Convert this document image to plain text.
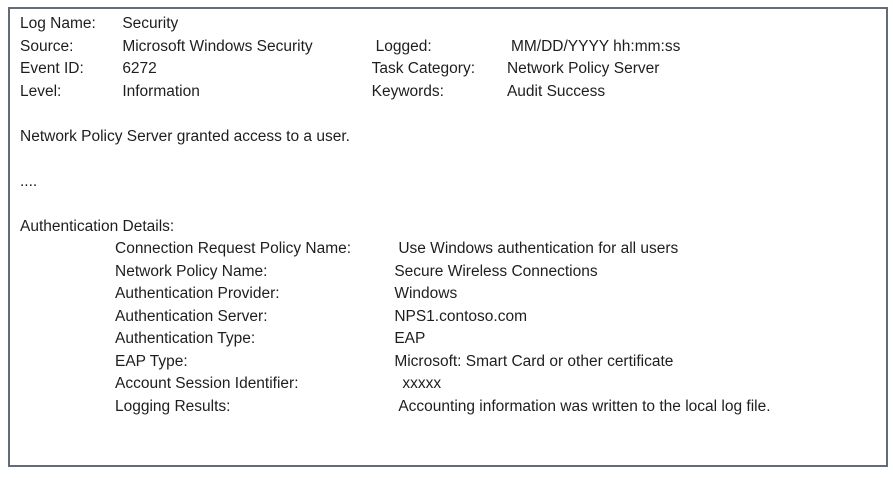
Log Name: Security
Source:	Microsoft Windows Security	Logged:	MM/DD/YYYY hh:mm:ss
Event ID: 6272	Task Category: Network Policy Server
Level:	Information	Keywords:	Audit Success
Network Policy Server granted access to a user.
....
Authentication Details:
Connection Request Policy Name:	Use Windows authentication for all users
Network Policy Name:	Secure Wireless Connections
Authentication Provider:	Windows
Authentication Server:	NPS1.contoso.com
Authentication Type:	EAP
EAP Type:	Microsoft: Smart Card or other certificate
Account Session Identifier:	xxxxx
Logging Results:	Accounting information was written to the local log file.
